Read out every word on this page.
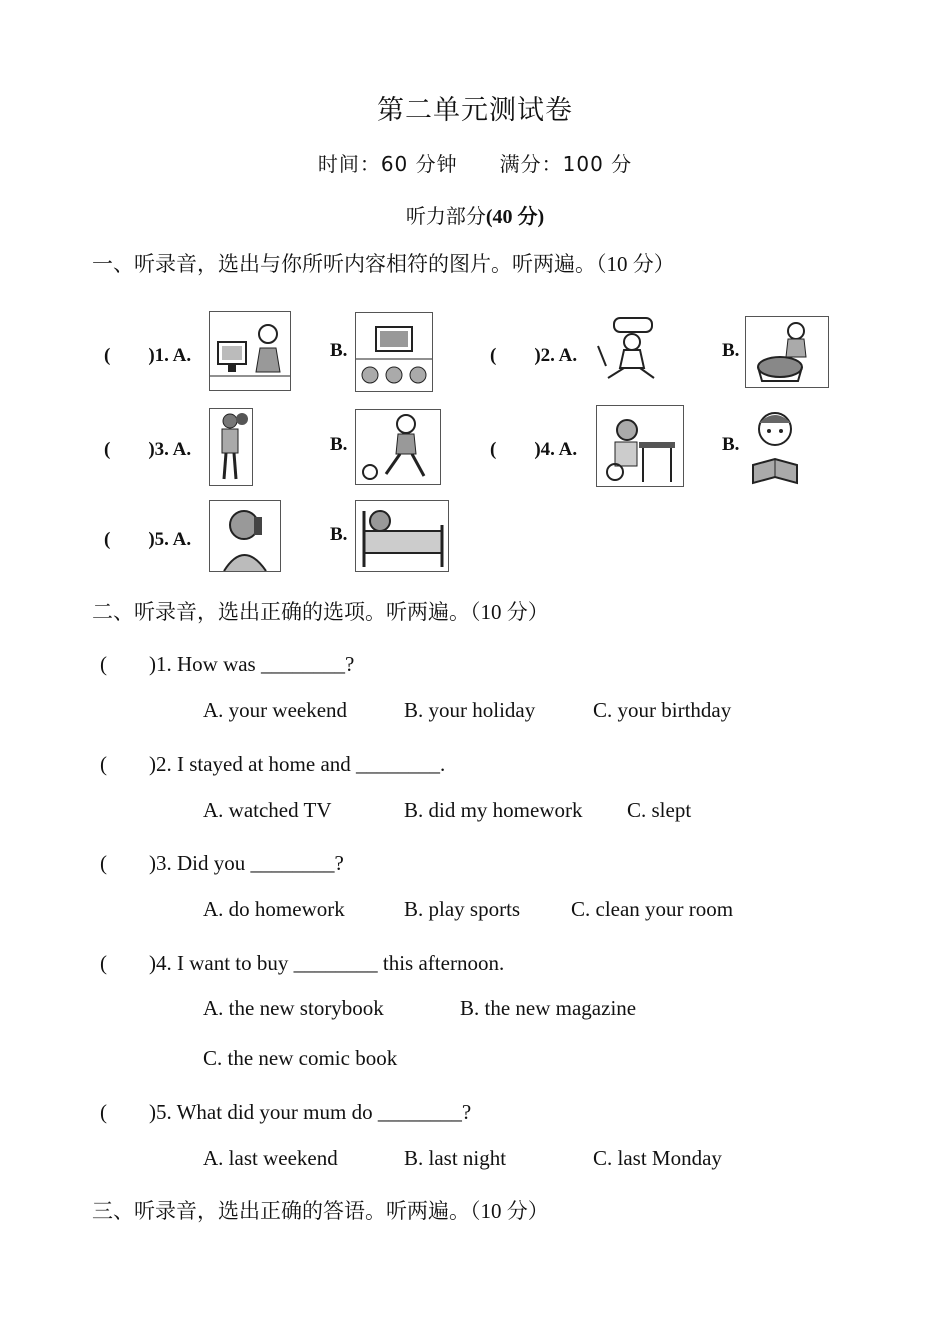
第二单元测试卷
时间：60 分钟　　满分：100 分
听力部分(40 分)
一、听录音，选出与你所听内容相符的图片。听两遍。（10 分）
(　　)1. A.	B.	(　　)2. A.	B.
(　　)3. A.	B.	(　　)4. A.	B.
(　　)5. A.	B.
二、听录音，选出正确的选项。听两遍。（10 分）
(　　)1. How was ________?
A. your weekend	B. your holiday	C. your birthday
(　　)2. I stayed at home and ________.
A. watched TV	B. did my homework C. slept
(　　)3. Did you ________?
A. do homework	B. play sports C. clean your room
(　　)4. I want to buy ________ this afternoon.
A. the new storybook	B. the new magazine
C. the new comic book
(　　)5. What did your mum do ________?
A. last weekend	B. last night	C. last Monday
三、听录音，选出正确的答语。听两遍。（10 分）
